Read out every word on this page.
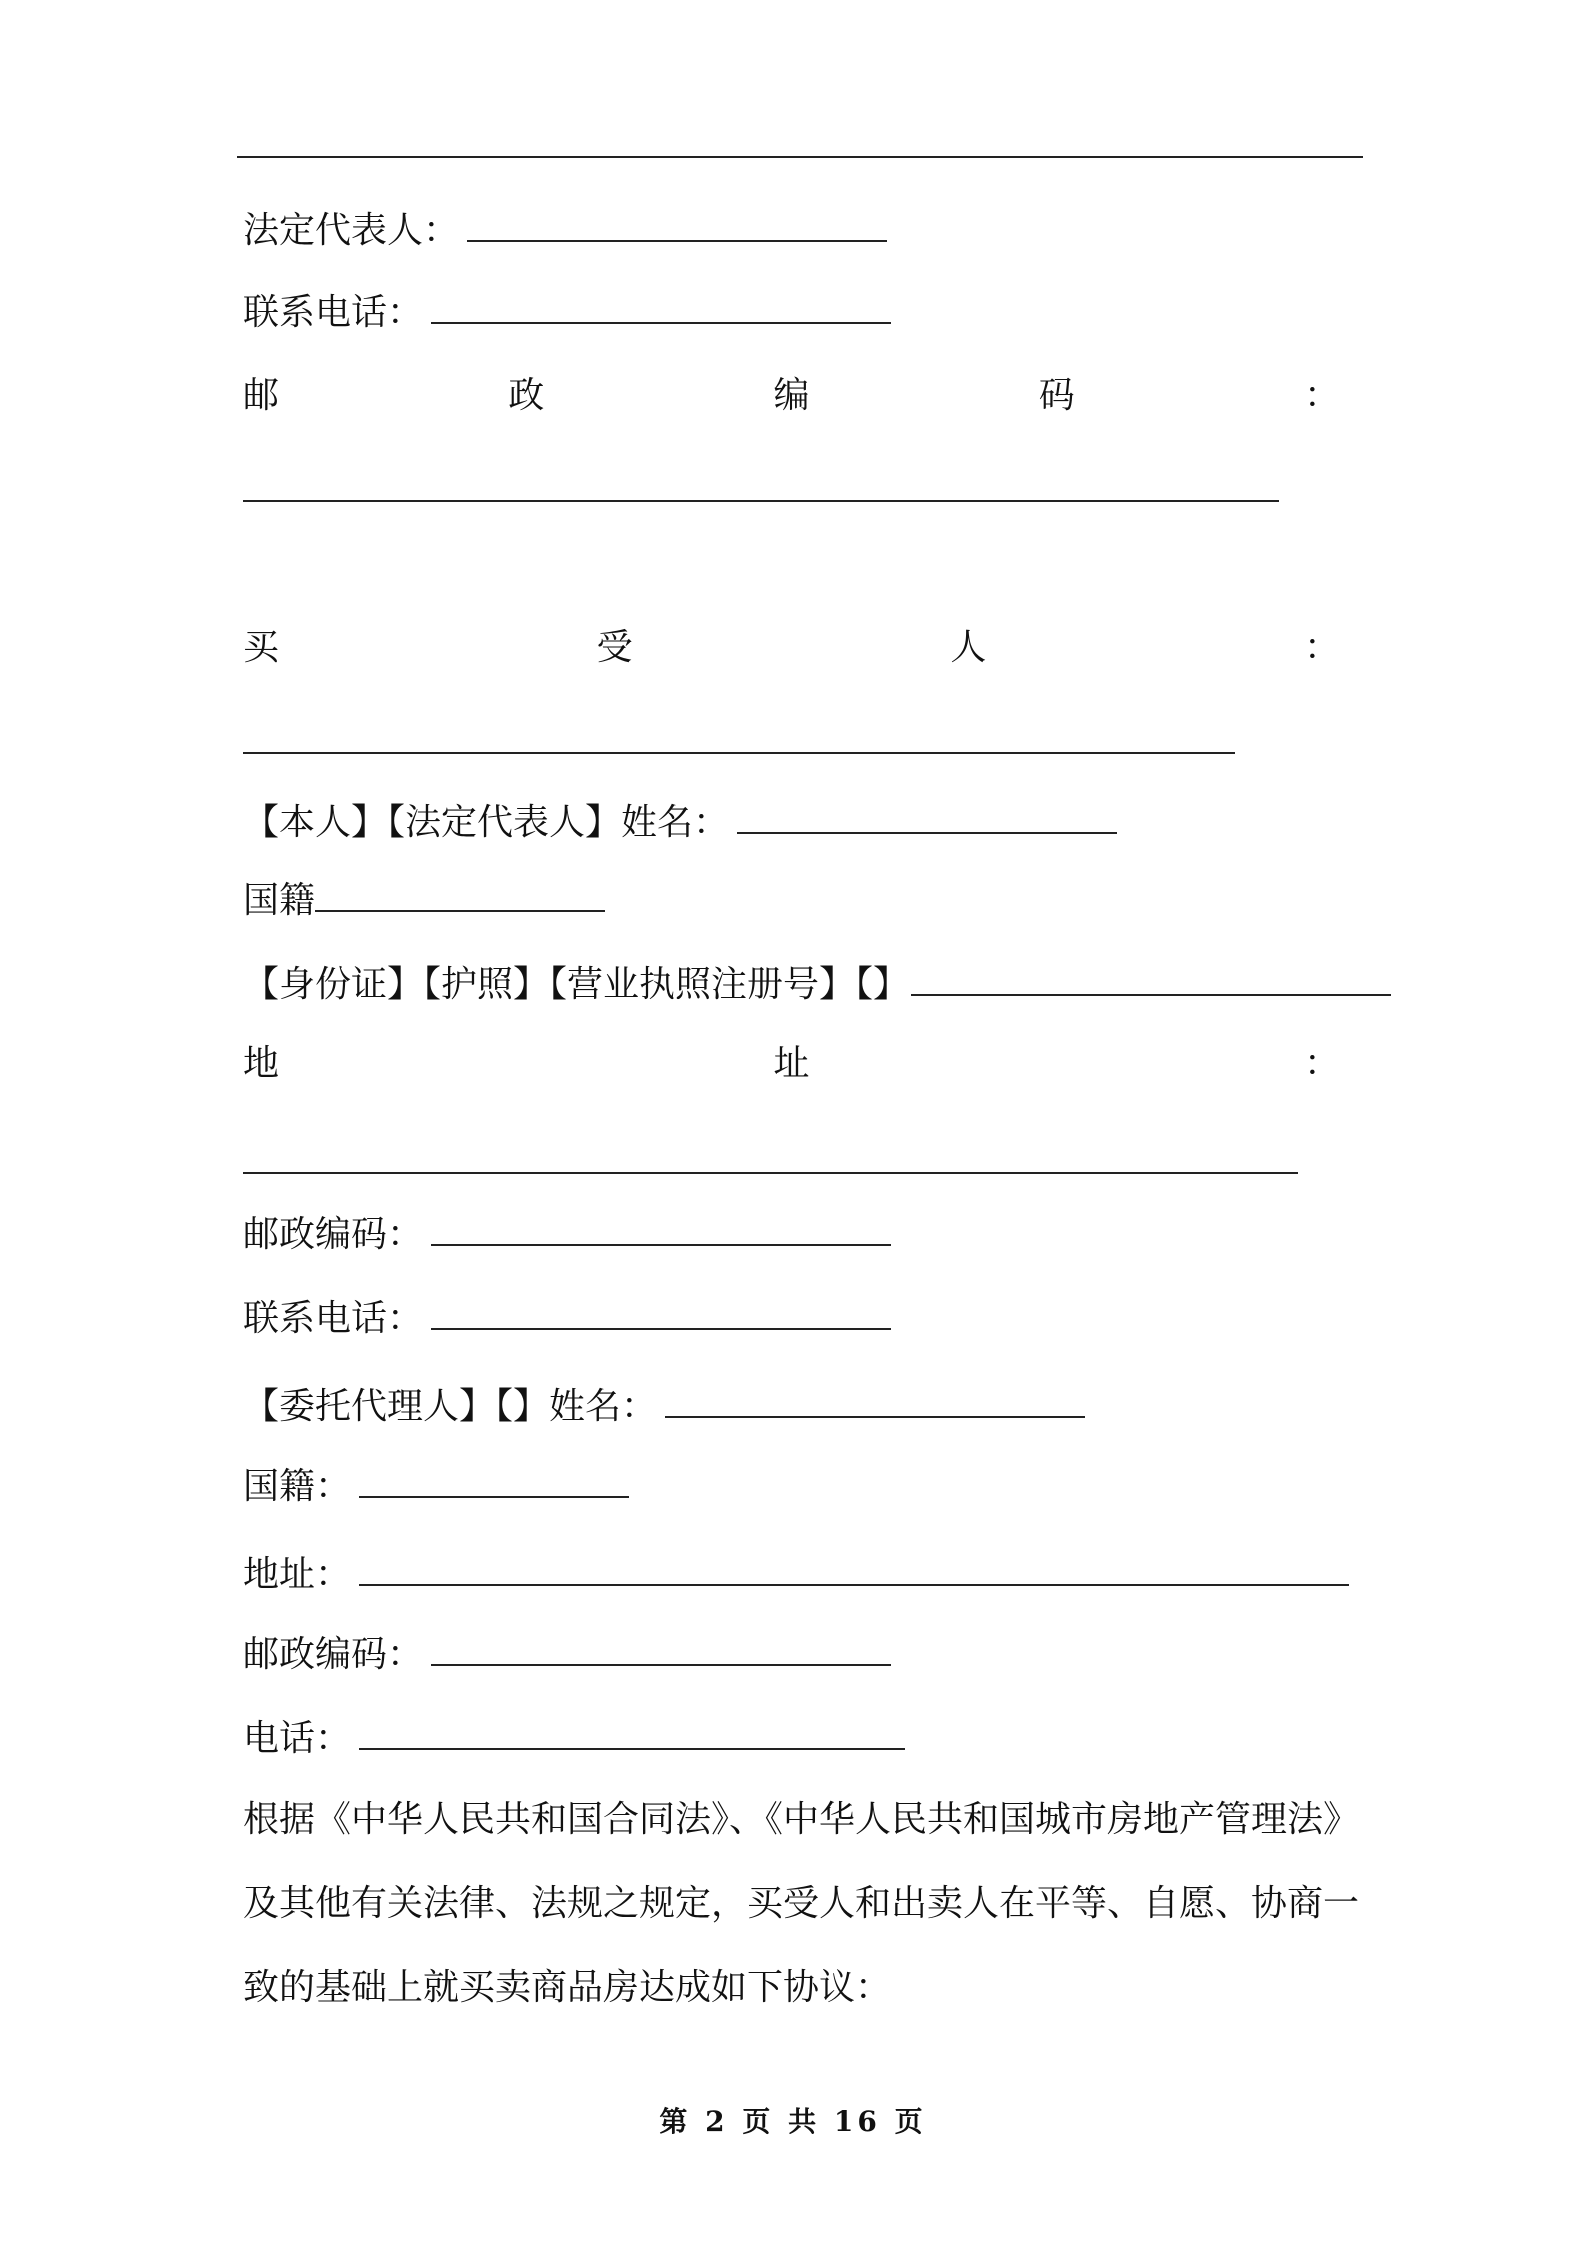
法定代表人：
联系电话：
邮	政	编	码	：
买	受	人	：
【本人】【法定代表人】姓名：
国籍
【身份证】【护照】【营业执照注册号】【】
地	址	：
邮政编码：
联系电话：
【委托代理人】【】姓名：
国籍：
地址：
邮政编码：
电话：
根据《中华人民共和国合同法》、《中华人民共和国城市房地产管理法》及其他有关法律、法规之规定，买受人和出卖人在平等、自愿、协商一致的基础上就买卖商品房达成如下协议：
第 2 页 共 16 页
